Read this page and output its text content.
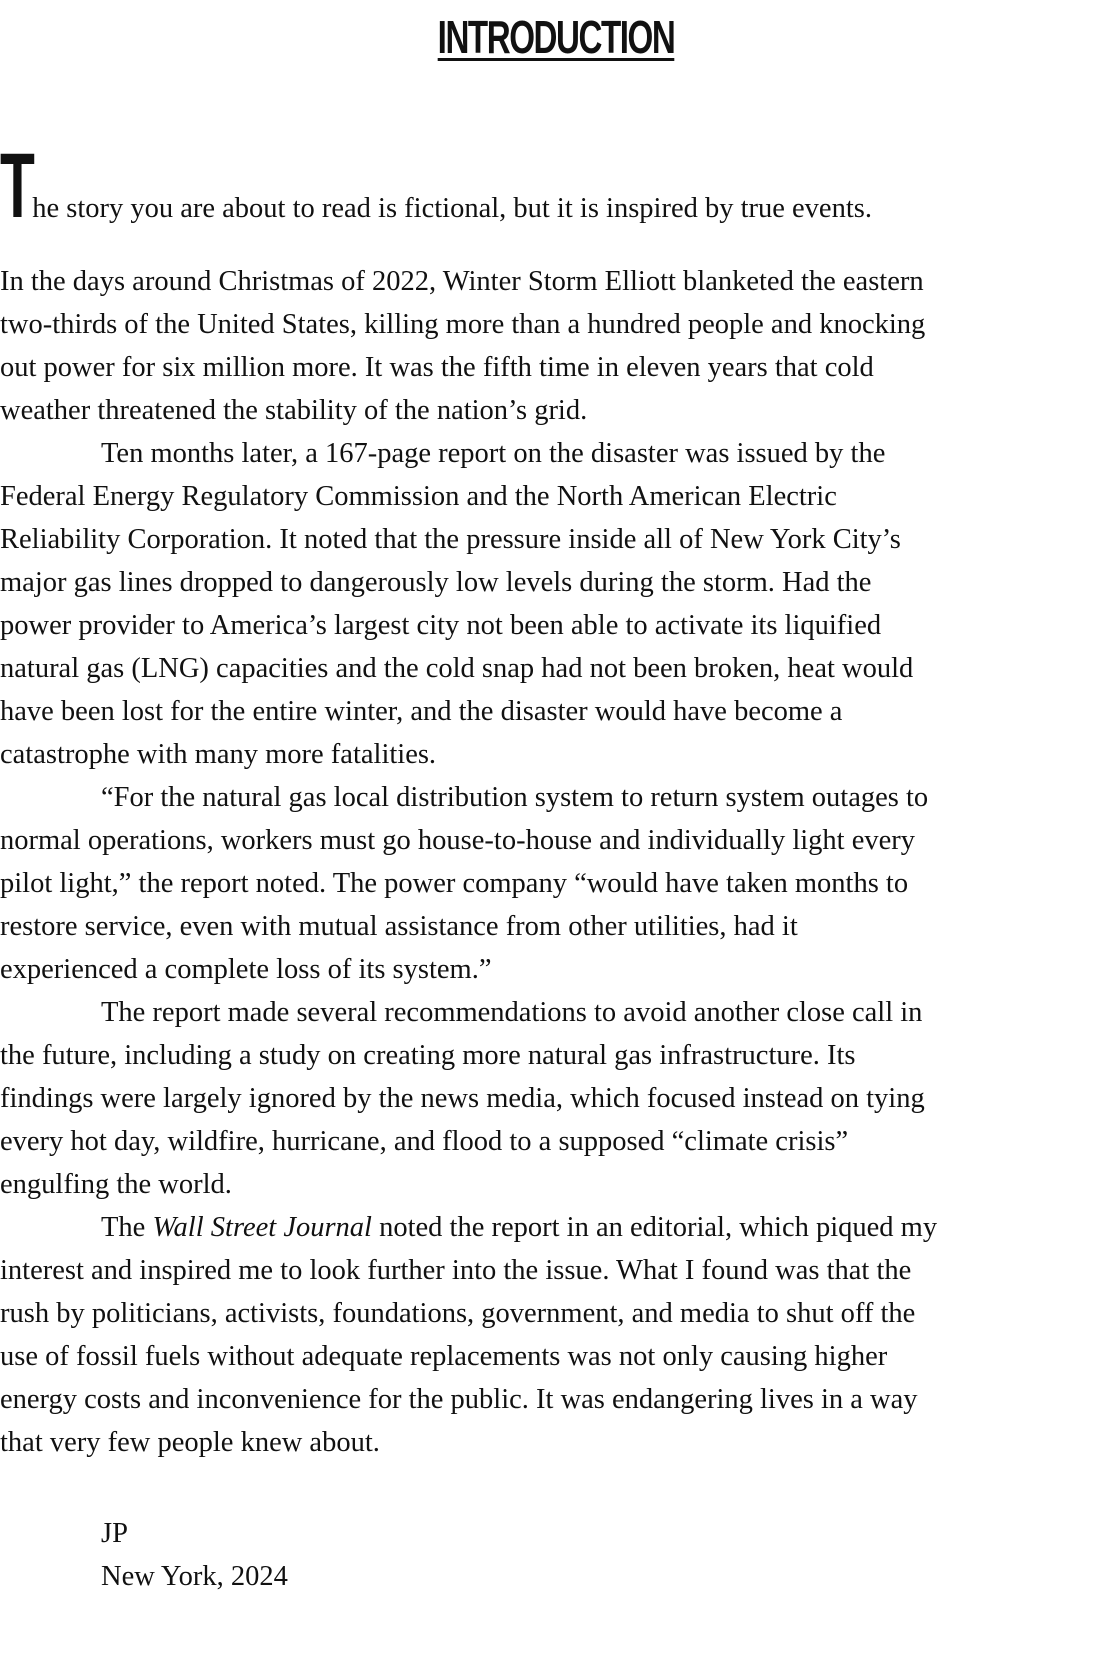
INTRODUCTION
The story you are about to read is fictional, but it is inspired by true events.
In the days around Christmas of 2022, Winter Storm Elliott blanketed the eastern
two-thirds of the United States, killing more than a hundred people and knocking
out power for six million more. It was the fifth time in eleven years that cold
weather threatened the stability of the nation’s grid.
Ten months later, a 167-page report on the disaster was issued by the
Federal Energy Regulatory Commission and the North American Electric
Reliability Corporation. It noted that the pressure inside all of New York City’s
major gas lines dropped to dangerously low levels during the storm. Had the
power provider to America’s largest city not been able to activate its liquified
natural gas (LNG) capacities and the cold snap had not been broken, heat would
have been lost for the entire winter, and the disaster would have become a
catastrophe with many more fatalities.
“For the natural gas local distribution system to return system outages to
normal operations, workers must go house-to-house and individually light every
pilot light,” the report noted. The power company “would have taken months to
restore service, even with mutual assistance from other utilities, had it
experienced a complete loss of its system.”
The report made several recommendations to avoid another close call in
the future, including a study on creating more natural gas infrastructure. Its
findings were largely ignored by the news media, which focused instead on tying
every hot day, wildfire, hurricane, and flood to a supposed “climate crisis”
engulfing the world.
The Wall Street Journal noted the report in an editorial, which piqued my
interest and inspired me to look further into the issue. What I found was that the
rush by politicians, activists, foundations, government, and media to shut off the
use of fossil fuels without adequate replacements was not only causing higher
energy costs and inconvenience for the public. It was endangering lives in a way
that very few people knew about.
JP
New York, 2024
